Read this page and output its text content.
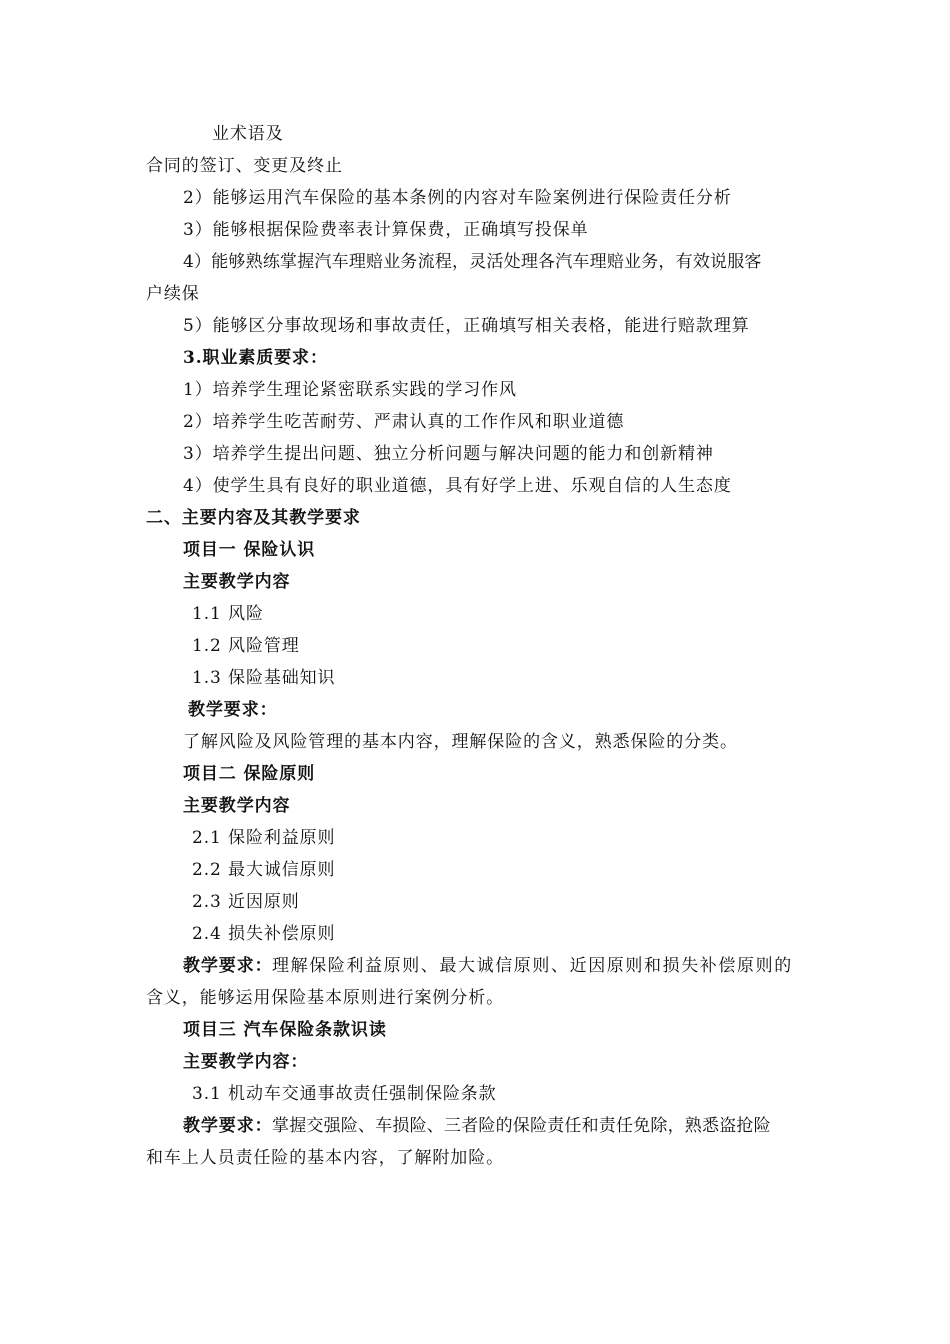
业术语及
合同的签订、变更及终止
2）能够运用汽车保险的基本条例的内容对车险案例进行保险责任分析
3）能够根据保险费率表计算保费，正确填写投保单
4）能够熟练掌握汽车理赔业务流程，灵活处理各汽车理赔业务，有效说服客
户续保
5）能够区分事故现场和事故责任，正确填写相关表格，能进行赔款理算
3.职业素质要求：
1）培养学生理论紧密联系实践的学习作风
2）培养学生吃苦耐劳、严肃认真的工作作风和职业道德
3）培养学生提出问题、独立分析问题与解决问题的能力和创新精神
4）使学生具有良好的职业道德，具有好学上进、乐观自信的人生态度
二、主要内容及其教学要求
项目一 保险认识
主要教学内容
1.1 风险
1.2 风险管理
1.3 保险基础知识
教学要求：
了解风险及风险管理的基本内容，理解保险的含义，熟悉保险的分类。
项目二 保险原则
主要教学内容
2.1 保险利益原则
2.2 最大诚信原则
2.3 近因原则
2.4 损失补偿原则
教学要求： 理解保险利益原则、最大诚信原则、近因原则和损失补偿原则的
含义，能够运用保险基本原则进行案例分析。
项目三 汽车保险条款识读
主要教学内容：
3.1 机动车交通事故责任强制保险条款
教学要求： 掌握交强险、车损险、三者险的保险责任和责任免除，熟悉盗抢险
和车上人员责任险的基本内容，了解附加险。
